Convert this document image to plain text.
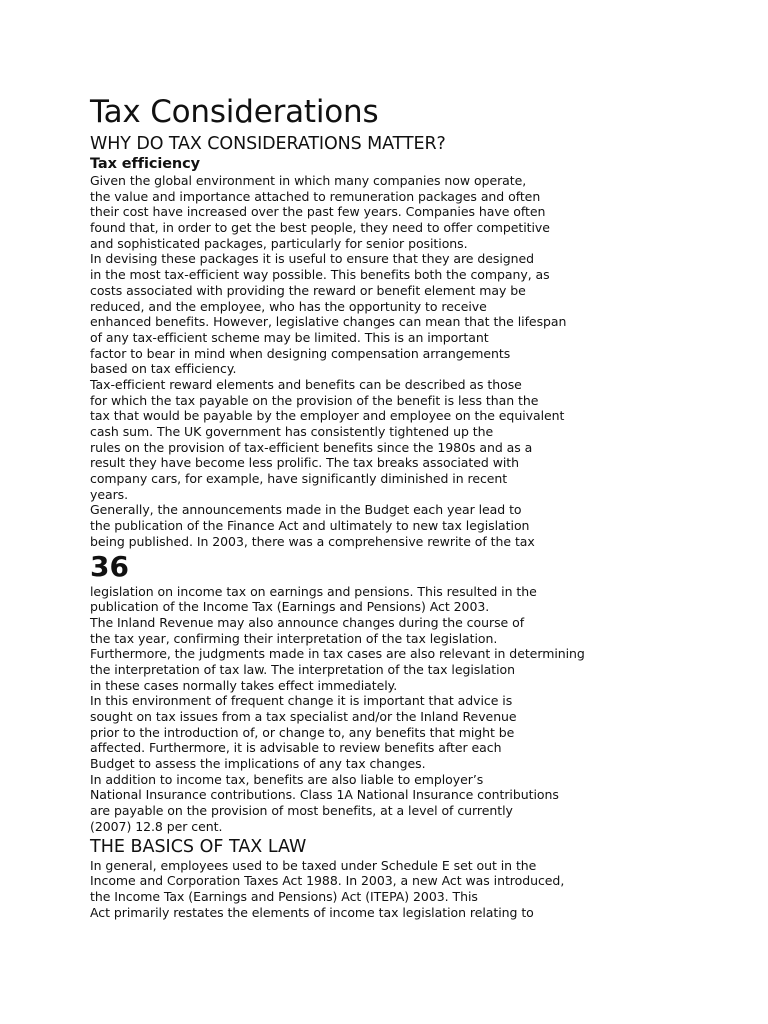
Tax Considerations
WHY DO TAX CONSIDERATIONS MATTER?
Tax efficiency
Given the global environment in which many companies now operate,
the value and importance attached to remuneration packages and often
their cost have increased over the past few years. Companies have often
found that, in order to get the best people, they need to offer competitive
and sophisticated packages, particularly for senior positions.
In devising these packages it is useful to ensure that they are designed
in the most tax-efficient way possible. This benefits both the company, as
costs associated with providing the reward or benefit element may be
reduced, and the employee, who has the opportunity to receive
enhanced benefits. However, legislative changes can mean that the lifespan
of any tax-efficient scheme may be limited. This is an important
factor to bear in mind when designing compensation arrangements
based on tax efficiency.
Tax-efficient reward elements and benefits can be described as those
for which the tax payable on the provision of the benefit is less than the
tax that would be payable by the employer and employee on the equivalent
cash sum. The UK government has consistently tightened up the
rules on the provision of tax-efficient benefits since the 1980s and as a
result they have become less prolific. The tax breaks associated with
company cars, for example, have significantly diminished in recent
years.
Generally, the announcements made in the Budget each year lead to
the publication of the Finance Act and ultimately to new tax legislation
being published. In 2003, there was a comprehensive rewrite of the tax
36
legislation on income tax on earnings and pensions. This resulted in the
publication of the Income Tax (Earnings and Pensions) Act 2003.
The Inland Revenue may also announce changes during the course of
the tax year, confirming their interpretation of the tax legislation.
Furthermore, the judgments made in tax cases are also relevant in determining
the interpretation of tax law. The interpretation of the tax legislation
in these cases normally takes effect immediately.
In this environment of frequent change it is important that advice is
sought on tax issues from a tax specialist and/or the Inland Revenue
prior to the introduction of, or change to, any benefits that might be
affected. Furthermore, it is advisable to review benefits after each
Budget to assess the implications of any tax changes.
In addition to income tax, benefits are also liable to employer’s
National Insurance contributions. Class 1A National Insurance contributions
are payable on the provision of most benefits, at a level of currently
(2007) 12.8 per cent.
THE BASICS OF TAX LAW
In general, employees used to be taxed under Schedule E set out in the
Income and Corporation Taxes Act 1988. In 2003, a new Act was introduced,
the Income Tax (Earnings and Pensions) Act (ITEPA) 2003. This
Act primarily restates the elements of income tax legislation relating to
